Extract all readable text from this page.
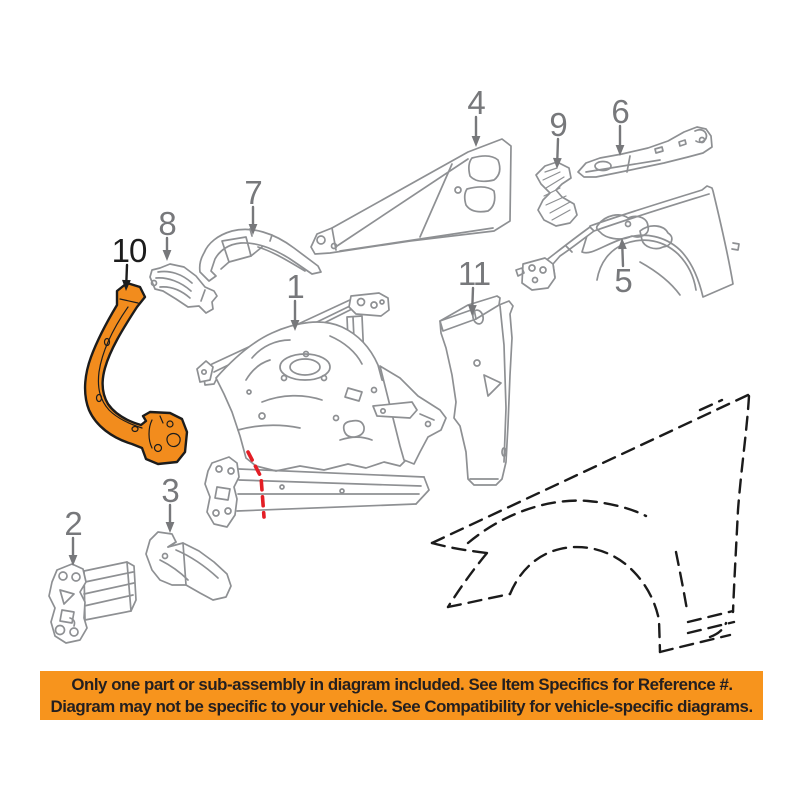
1
2
3
4
5
6
7
8
9
10
11
Only one part or sub-assembly in diagram included. See Item Specifics for Reference #.
Diagram may not be specific to your vehicle. See Compatibility for vehicle-specific diagrams.
